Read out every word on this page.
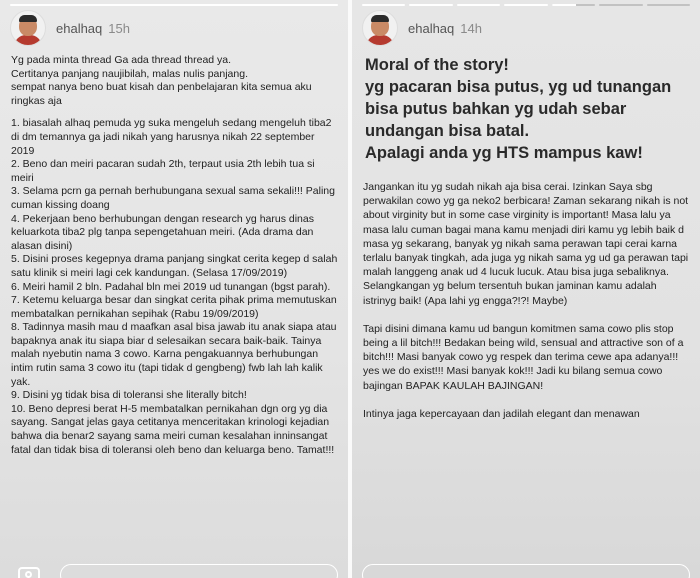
ehalhaq 15h

Yg pada minta thread Ga ada thread thread ya.

Certitanya panjang naujibilah, malas nulis panjang.

sempat nanya beno buat kisah dan penbelajaran kita semua aku ringkas aja

1. biasalah alhaq pemuda yg suka mengeluh sedang mengeluh tiba2 di dm temannya ga jadi nikah yang harusnya nikah 22 september 2019
2. Beno dan meiri pacaran sudah 2th, terpaut usia 2th lebih tua si meiri
3. Selama pcrn ga pernah berhubungana sexual sama sekali!!! Paling cuman kissing doang
4. Pekerjaan beno berhubungan dengan research yg harus dinas keluarkota tiba2 plg tanpa sepengetahuan meiri. (Ada drama dan alasan disini)
5. Disini proses kegepnya drama panjang singkat cerita kegep d salah satu klinik si meiri lagi cek kandungan. (Selasa 17/09/2019)
6. Meiri hamil 2 bln. Padahal bln mei 2019 ud tunangan (bgst parah).
7. Ketemu keluarga besar dan singkat cerita pihak prima memutuskan membatalkan pernikahan sepihak (Rabu 19/09/2019)
8. Tadinnya masih mau d maafkan asal bisa jawab itu anak siapa atau bapaknya anak itu siapa biar d selesaikan secara baik-baik. Tainya malah nyebutin nama 3 cowo. Karna pengakuannya berhubungan intim rutin sama 3 cowo itu (tapi tidak d gengbeng) fwb lah lah kalik yak.
9. Disini yg tidak bisa di toleransi she literally bitch!
10. Beno depresi berat H-5 membatalkan pernikahan dgn org yg dia sayang. Sangat jelas gaya cetitanya menceritakan krinologi kejadian bahwa dia benar2 sayang sama meiri cuman kesalahan inninsangat fatal dan tidak bisa di toleransi oleh beno dan keluarga beno. Tamat!!!
ehalhaq 14h

Moral of the story!

yg pacaran bisa putus, yg ud tunangan bisa putus bahkan yg udah sebar undangan bisa batal.

Apalagi anda yg HTS mampus kaw!

Jangankan itu yg sudah nikah aja bisa cerai. Izinkan Saya sbg perwakilan cowo yg ga neko2 berbicara! Zaman sekarang nikah is not about virginity but in some case virginity is important! Masa lalu ya masa lalu cuman bagai mana kamu menjadi diri kamu yg lebih baik d masa yg sekarang, banyak yg nikah sama perawan tapi cerai karna terlalu banyak tingkah, ada juga yg nikah sama yg ud ga perawan tapi malah langgeng anak ud 4 lucuk lucuk. Atau bisa juga sebaliknya. Selangkangan yg belum tersentuh bukan jaminan kamu adalah istrinyg baik! (Apa lahi yg engga?!?! Maybe)

Tapi disini dimana kamu ud bangun komitmen sama cowo plis stop being a lil bitch!!! Bedakan being wild, sensual and attractive son of a bitch!!! Masi banyak cowo yg respek dan terima cewe apa adanya!!! yes we do exist!!! Masi banyak kok!!! Jadi ku bilang semua cowo bajingan BAPAK KAULAH BAJINGAN!

Intinya jaga kepercayaan dan jadilah elegant dan menawan
